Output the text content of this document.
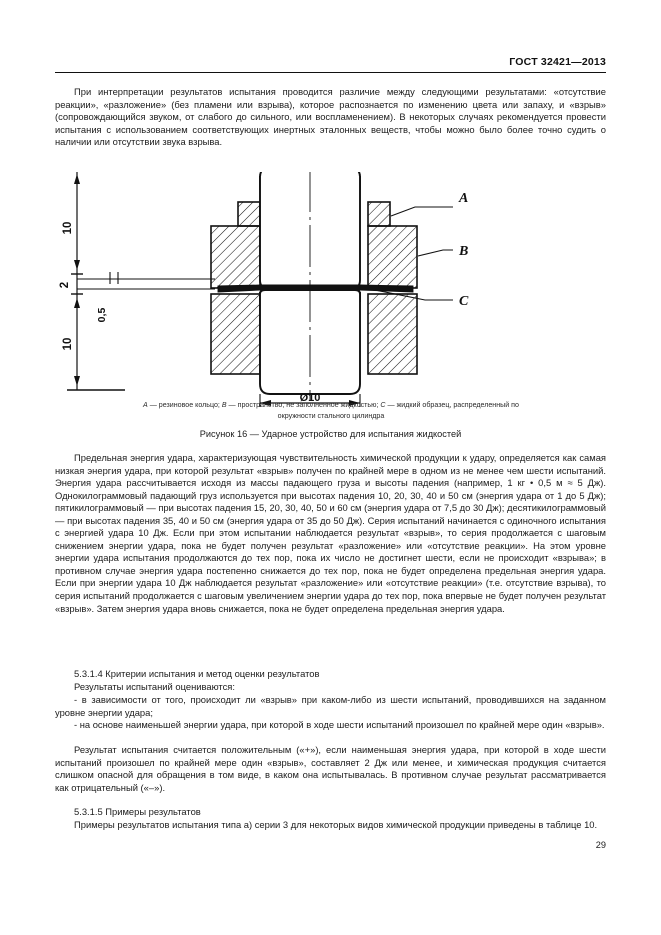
ГОСТ 32421—2013
При интерпретации результатов испытания проводится различие между следующими результатами: «отсутствие реакции», «разложение» (без пламени или взрыва), которое распознается по изменению цвета или запаху, и «взрыв» (сопровождающийся звуком, от слабого до сильного, или воспламенением). В некоторых случаях рекомендуется провести испытания с использованием соответствующих инертных эталонных веществ, чтобы можно было более точно судить о наличии или отсутствии звука взрыва.
10
2
0,5
10
Ø10
A
B
C
A — резиновое кольцо; B — пространство, не заполненное жидкостью; C — жидкий образец, распределенный по
окружности стального цилиндра
Рисунок 16 — Ударное устройство для испытания жидкостей
Предельная энергия удара, характеризующая чувствительность химической продукции к удару, определяется как самая низкая энергия удара, при которой результат «взрыв» получен по крайней мере в одном из не менее чем шести испытаний. Энергия удара рассчитывается исходя из массы падающего груза и высоты падения (например, 1 кг • 0,5 м ≈ 5 Дж). Однокилограммовый падающий груз используется при высотах падения 10, 20, 30, 40 и 50 см (энергия удара от 1 до 5 Дж); пятикилограммовый — при высотах падения 15, 20, 30, 40, 50 и 60 см (энергия удара от 7,5 до 30 Дж); десятикилограммовый — при высотах падения 35, 40 и 50 см (энергия удара от 35 до 50 Дж). Серия испытаний начинается с одиночного испытания с энергией удара 10 Дж. Если при этом испытании наблюдается результат «взрыв», то серия продолжается с шаговым снижением энергии удара, пока не будет получен результат «разложение» или «отсутствие реакции». На этом уровне энергии удара испытания продолжаются до тех пор, пока их число не достигнет шести, если не происходит «взрыва»; в противном случае энергия удара постепенно снижается до тех пор, пока не будет определена предельная энергия удара. Если при энергии удара 10 Дж наблюдается результат «разложение» или «отсутствие реакции» (т.е. отсутствие взрыва), то серия испытаний продолжается с шаговым увеличением энергии удара до тех пор, пока впервые не будет получен результат «взрыв». Затем энергия удара вновь снижается, пока не будет определена предельная энергия удара.
5.3.1.4 Критерии испытания и метод оценки результатов
Результаты испытаний оцениваются:
- в зависимости от того, происходит ли «взрыв» при каком-либо из шести испытаний, проводившихся на заданном уровне энергии удара;
- на основе наименьшей энергии удара, при которой в ходе шести испытаний произошел по крайней мере один «взрыв».
Результат испытания считается положительным («+»), если наименьшая энергия удара, при которой в ходе шести испытаний произошел по крайней мере один «взрыв», составляет 2 Дж или менее, и химическая продукция считается слишком опасной для обращения в том виде, в каком она испытывалась. В противном случае результат рассматривается как отрицательный («–»).
5.3.1.5 Примеры результатов
Примеры результатов испытания типа а) серии 3 для некоторых видов химической продукции приведены в таблице 10.
29
